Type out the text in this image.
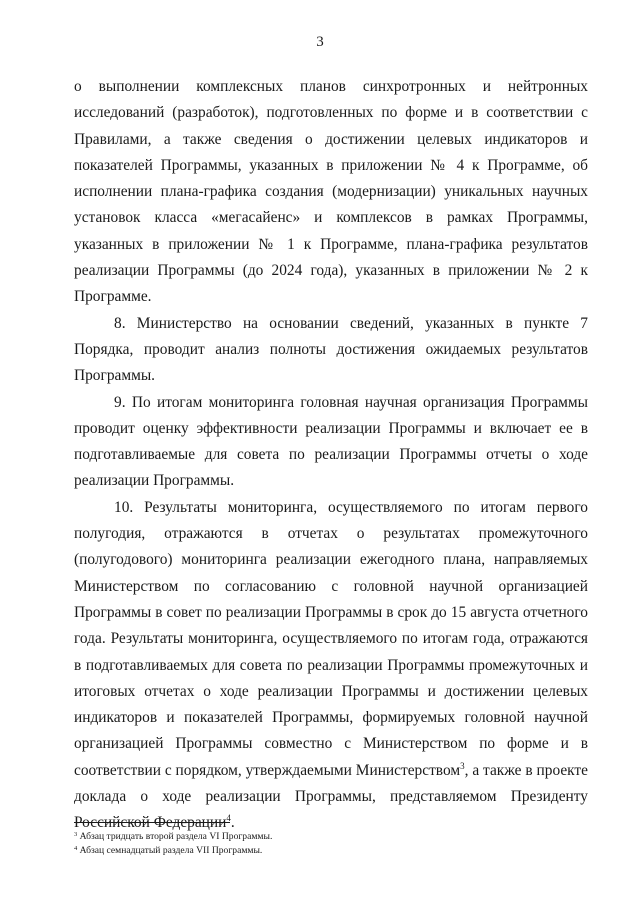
3

о выполнении комплексных планов синхротронных и нейтронных исследований (разработок), подготовленных по форме и в соответствии с Правилами, а также сведения о достижении целевых индикаторов и показателей Программы, указанных в приложении № 4 к Программе, об исполнении плана-графика создания (модернизации) уникальных научных установок класса «мегасайенс» и комплексов в рамках Программы, указанных в приложении № 1 к Программе, плана-графика результатов реализации Программы (до 2024 года), указанных в приложении № 2 к Программе.

8. Министерство на основании сведений, указанных в пункте 7 Порядка, проводит анализ полноты достижения ожидаемых результатов Программы.

9. По итогам мониторинга головная научная организация Программы проводит оценку эффективности реализации Программы и включает ее в подготавливаемые для совета по реализации Программы отчеты о ходе реализации Программы.

10. Результаты мониторинга, осуществляемого по итогам первого полугодия, отражаются в отчетах о результатах промежуточного (полугодового) мониторинга реализации ежегодного плана, направляемых Министерством по согласованию с головной научной организацией Программы в совет по реализации Программы в срок до 15 августа отчетного года. Результаты мониторинга, осуществляемого по итогам года, отражаются в подготавливаемых для совета по реализации Программы промежуточных и итоговых отчетах о ходе реализации Программы и достижении целевых индикаторов и показателей Программы, формируемых головной научной организацией Программы совместно с Министерством по форме и в соответствии с порядком, утверждаемыми Министерством$^3$, а также в проекте доклада о ходе реализации Программы, представляемом Президенту Российской Федерации$^4$.

$^3$ Абзац тридцать второй раздела VI Программы.

$^4$ Абзац семнадцатый раздела VII Программы.
